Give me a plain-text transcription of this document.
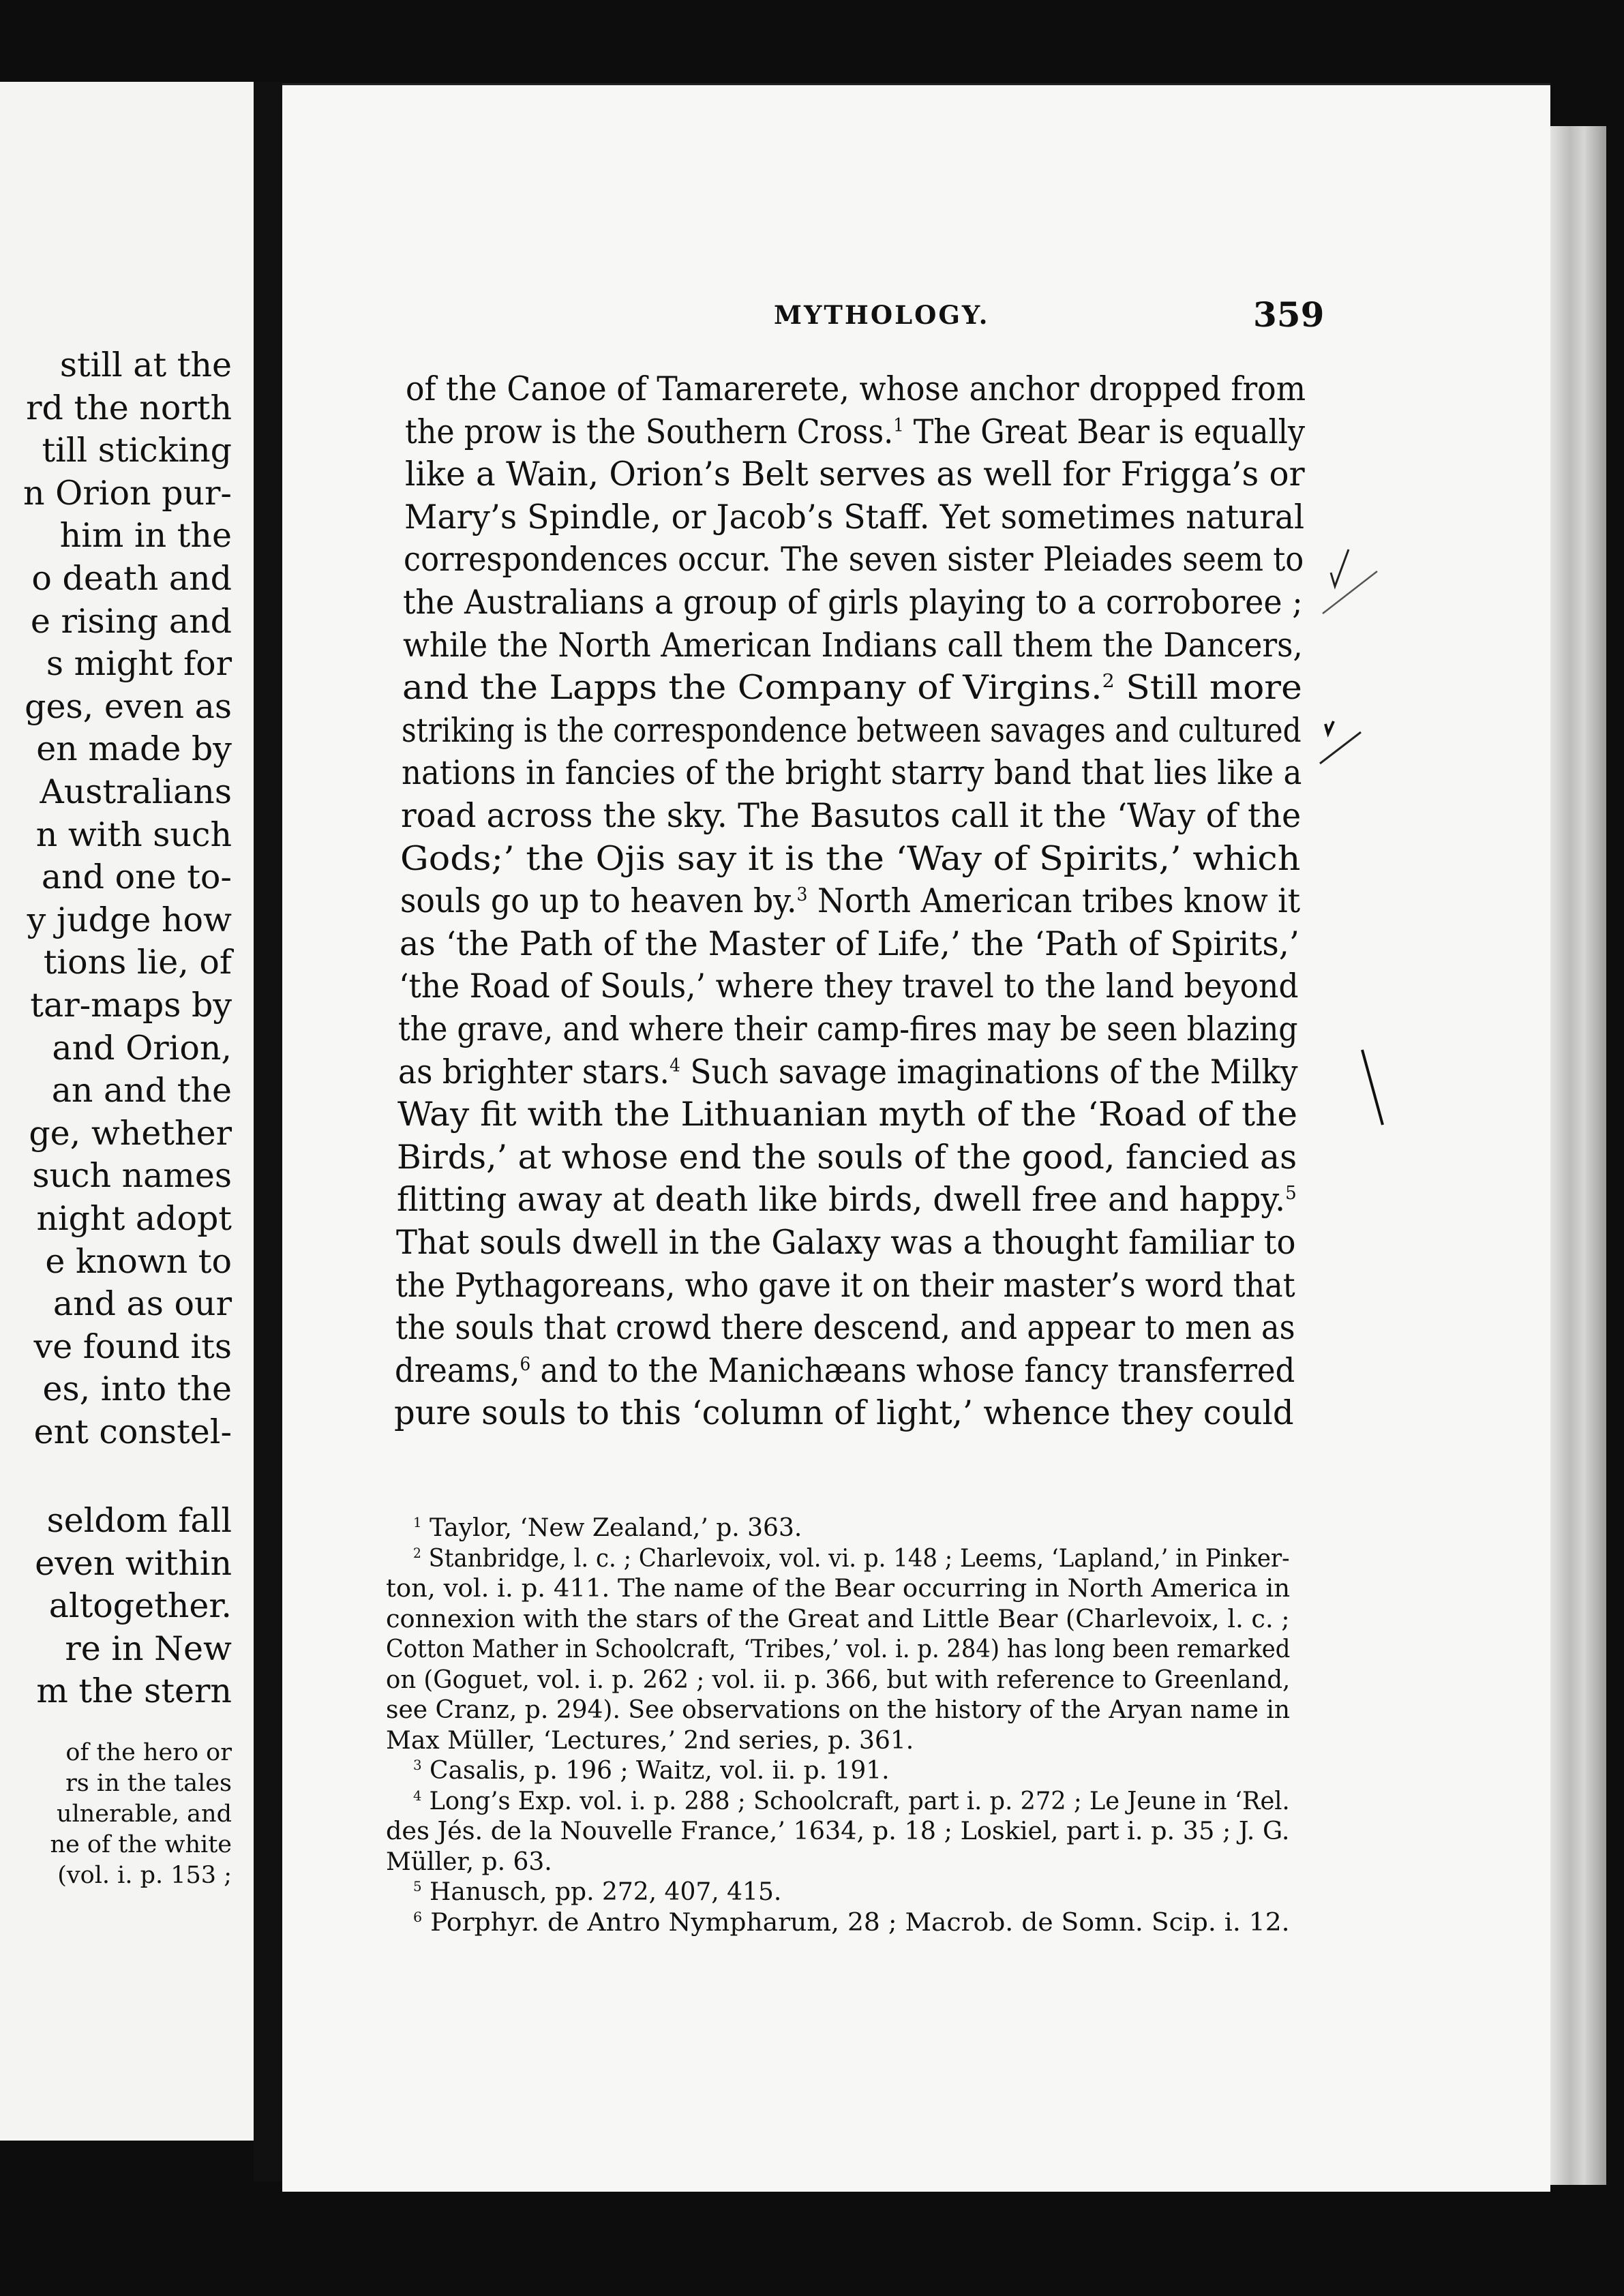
still at the
rd the north
till sticking
n Orion pur-
him in the
o death and
e rising and
s might for
ges, even as
en made by
Australians
n with such
and one to-
y judge how
tions lie, of
tar-maps by
and Orion,
an and the
ge, whether
such names
night adopt
e known to
and as our
ve found its
es, into the
ent constel-
seldom fall
even within
altogether.
re in New
m the stern
of the hero or
rs in the tales
ulnerable, and
ne of the white
(vol. i. p. 153 ;
MYTHOLOGY.	359
of the Canoe of Tamarerete, whose anchor dropped from
the prow is the Southern Cross.$^1$ The Great Bear is equally
like a Wain, Orion’s Belt serves as well for Frigga’s or
Mary’s Spindle, or Jacob’s Staff. Yet sometimes natural
correspondences occur. The seven sister Pleiades seem to
the Australians a group of girls playing to a corroboree ;
while the North American Indians call them the Dancers,
and the Lapps the Company of Virgins.$^2$ Still more
striking is the correspondence between savages and cultured
nations in fancies of the bright starry band that lies like a
road across the sky. The Basutos call it the ‘Way of the
Gods;’ the Ojis say it is the ‘Way of Spirits,’ which
souls go up to heaven by.$^3$ North American tribes know it
as ‘the Path of the Master of Life,’ the ‘Path of Spirits,’
‘the Road of Souls,’ where they travel to the land beyond
the grave, and where their camp-fires may be seen blazing
as brighter stars.$^4$ Such savage imaginations of the Milky
Way fit with the Lithuanian myth of the ‘Road of the
Birds,’ at whose end the souls of the good, fancied as
flitting away at death like birds, dwell free and happy.$^5$
That souls dwell in the Galaxy was a thought familiar to
the Pythagoreans, who gave it on their master’s word that
the souls that crowd there descend, and appear to men as
dreams,$^6$ and to the Manichæans whose fancy transferred
pure souls to this ‘column of light,’ whence they could
$^1$ Taylor, ‘New Zealand,’ p. 363.
$^2$ Stanbridge, l. c. ; Charlevoix, vol. vi. p. 148 ; Leems, ‘Lapland,’ in Pinker-
ton, vol. i. p. 411. The name of the Bear occurring in North America in
connexion with the stars of the Great and Little Bear (Charlevoix, l. c. ;
Cotton Mather in Schoolcraft, ‘Tribes,’ vol. i. p. 284) has long been remarked
on (Goguet, vol. i. p. 262 ; vol. ii. p. 366, but with reference to Greenland,
see Cranz, p. 294). See observations on the history of the Aryan name in
Max Müller, ‘Lectures,’ 2nd series, p. 361.
$^3$ Casalis, p. 196 ; Waitz, vol. ii. p. 191.
$^4$ Long’s Exp. vol. i. p. 288 ; Schoolcraft, part i. p. 272 ; Le Jeune in ‘Rel.
des Jés. de la Nouvelle France,’ 1634, p. 18 ; Loskiel, part i. p. 35 ; J. G.
Müller, p. 63.
$^5$ Hanusch, pp. 272, 407, 415.
$^6$ Porphyr. de Antro Nympharum, 28 ; Macrob. de Somn. Scip. i. 12.
